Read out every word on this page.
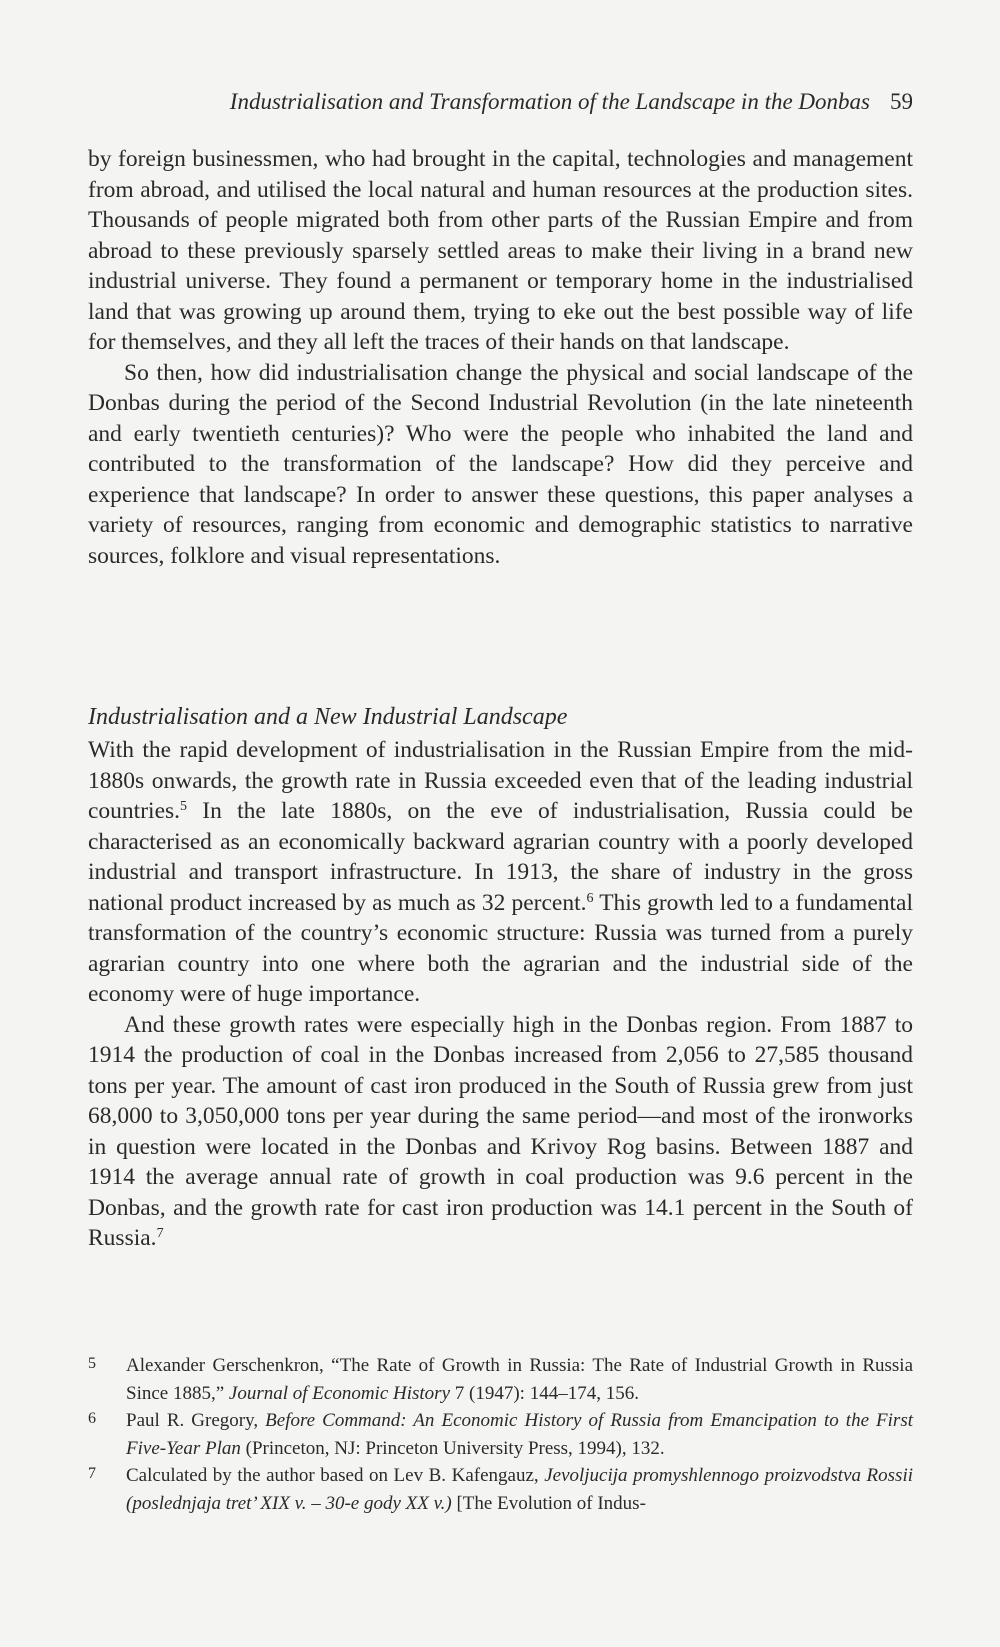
Industrialisation and Transformation of the Landscape in the Donbas 59

by foreign businessmen, who had brought in the capital, technologies and management from abroad, and utilised the local natural and human resources at the production sites. Thousands of people migrated both from other parts of the Russian Empire and from abroad to these previously sparsely settled areas to make their living in a brand new industrial universe. They found a permanent or temporary home in the industrialised land that was growing up around them, trying to eke out the best possible way of life for themselves, and they all left the traces of their hands on that landscape.

So then, how did industrialisation change the physical and social landscape of the Donbas during the period of the Second Industrial Revolution (in the late nineteenth and early twentieth centuries)? Who were the people who inhabited the land and contributed to the transformation of the landscape? How did they perceive and experience that landscape? In order to answer these questions, this paper analyses a variety of resources, ranging from economic and demographic statistics to narrative sources, folklore and visual representations.

Industrialisation and a New Industrial Landscape

With the rapid development of industrialisation in the Russian Empire from the mid-1880s onwards, the growth rate in Russia exceeded even that of the leading industrial countries.$^5$ In the late 1880s, on the eve of industrialisation, Russia could be characterised as an economically backward agrarian country with a poorly developed industrial and transport infrastructure. In 1913, the share of industry in the gross national product increased by as much as 32 percent.$^6$ This growth led to a fundamental transformation of the country’s economic structure: Russia was turned from a purely agrarian country into one where both the agrarian and the industrial side of the economy were of huge importance.

And these growth rates were especially high in the Donbas region. From 1887 to 1914 the production of coal in the Donbas increased from 2,056 to 27,585 thousand tons per year. The amount of cast iron produced in the South of Russia grew from just 68,000 to 3,050,000 tons per year during the same period—and most of the ironworks in question were located in the Donbas and Krivoy Rog basins. Between 1887 and 1914 the average annual rate of growth in coal production was 9.6 percent in the Donbas, and the growth rate for cast iron production was 14.1 percent in the South of Russia.$^7$

5 Alexander Gerschenkron, “The Rate of Growth in Russia: The Rate of Industrial Growth in Russia Since 1885,” Journal of Economic History 7 (1947): 144–174, 156.
6 Paul R. Gregory, Before Command: An Economic History of Russia from Emancipation to the First Five-Year Plan (Princeton, NJ: Princeton University Press, 1994), 132.
7 Calculated by the author based on Lev B. Kafengauz, Jevoljucija promyshlennogo proizvodstva Rossii (poslednjaja tret’ XIX v. – 30-e gody XX v.) [The Evolution of Indus-
